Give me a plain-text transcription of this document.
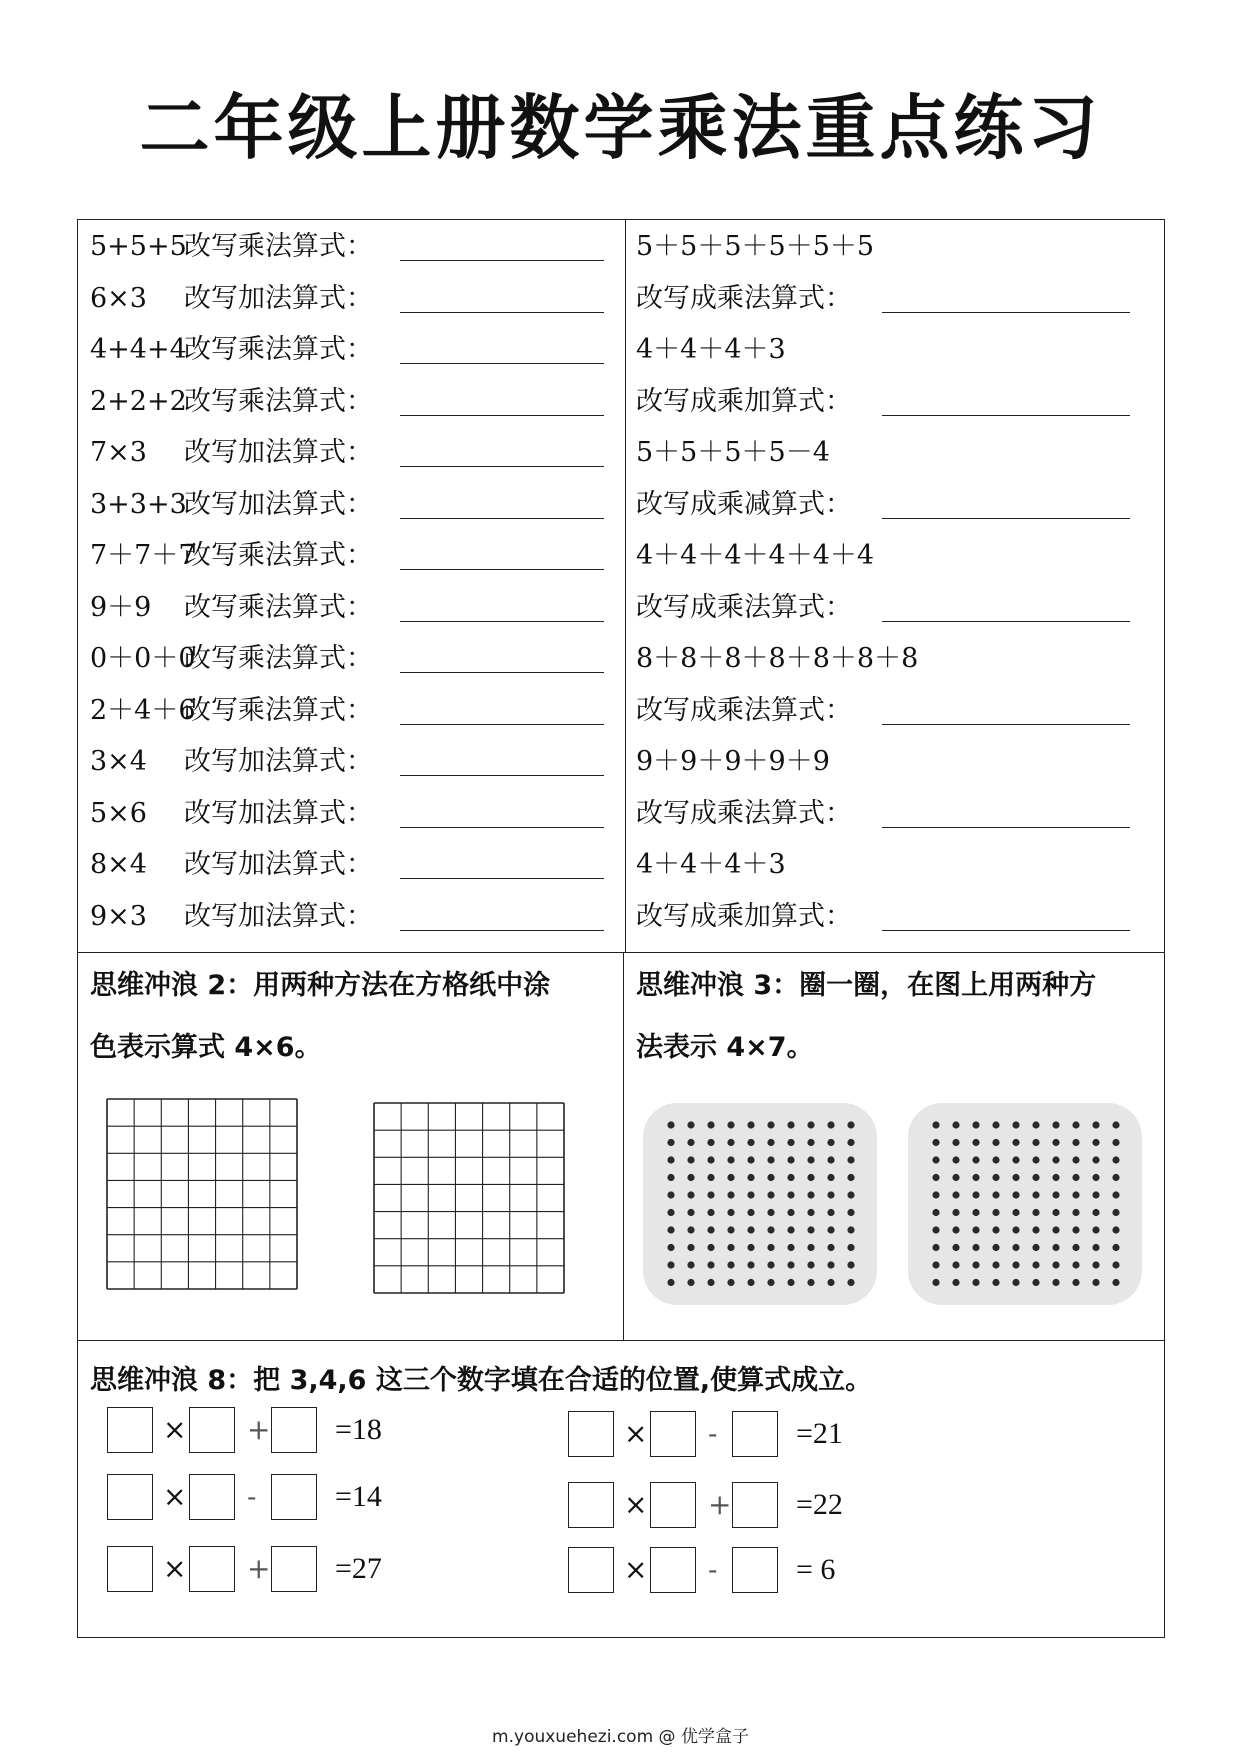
二年级上册数学乘法重点练习
5+5+5改写乘法算式：
6×3 改写加法算式：
4+4+4改写乘法算式：
2+2+2改写乘法算式：
7×3 改写加法算式：
3+3+3改写加法算式：
7＋7＋7改写乘法算式：
9＋9 改写乘法算式：
0＋0＋0改写乘法算式：
2＋4＋6改写乘法算式：
3×4 改写加法算式：
5×6 改写加法算式：
8×4 改写加法算式：
9×3 改写加法算式：
5＋5＋5＋5＋5＋5
改写成乘法算式：
4＋4＋4＋3
改写成乘加算式：
5＋5＋5＋5－4
改写成乘减算式：
4＋4＋4＋4＋4＋4
改写成乘法算式：
8＋8＋8＋8＋8＋8＋8
改写成乘法算式：
9＋9＋9＋9＋9
改写成乘法算式：
4＋4＋4＋3
改写成乘加算式：
思维冲浪 2：用两种方法在方格纸中涂
色表示算式 4×6。
思维冲浪 3：圈一圈，在图上用两种方
法表示 4×7。
思维冲浪 8：把 3,4,6 这三个数字填在合适的位置,使算式成立。
× + =18
× -	=14
× + =27
× -	=21
× + =22
× -	= 6
m.youxuehezi.com @ 优学盒子
